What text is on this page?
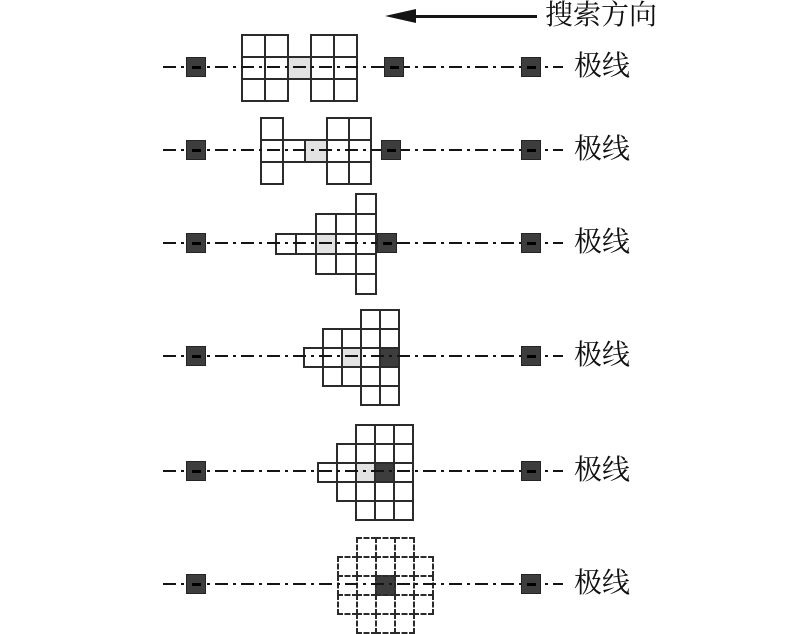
搜索方向
极线
极线
极线
极线
极线
极线
